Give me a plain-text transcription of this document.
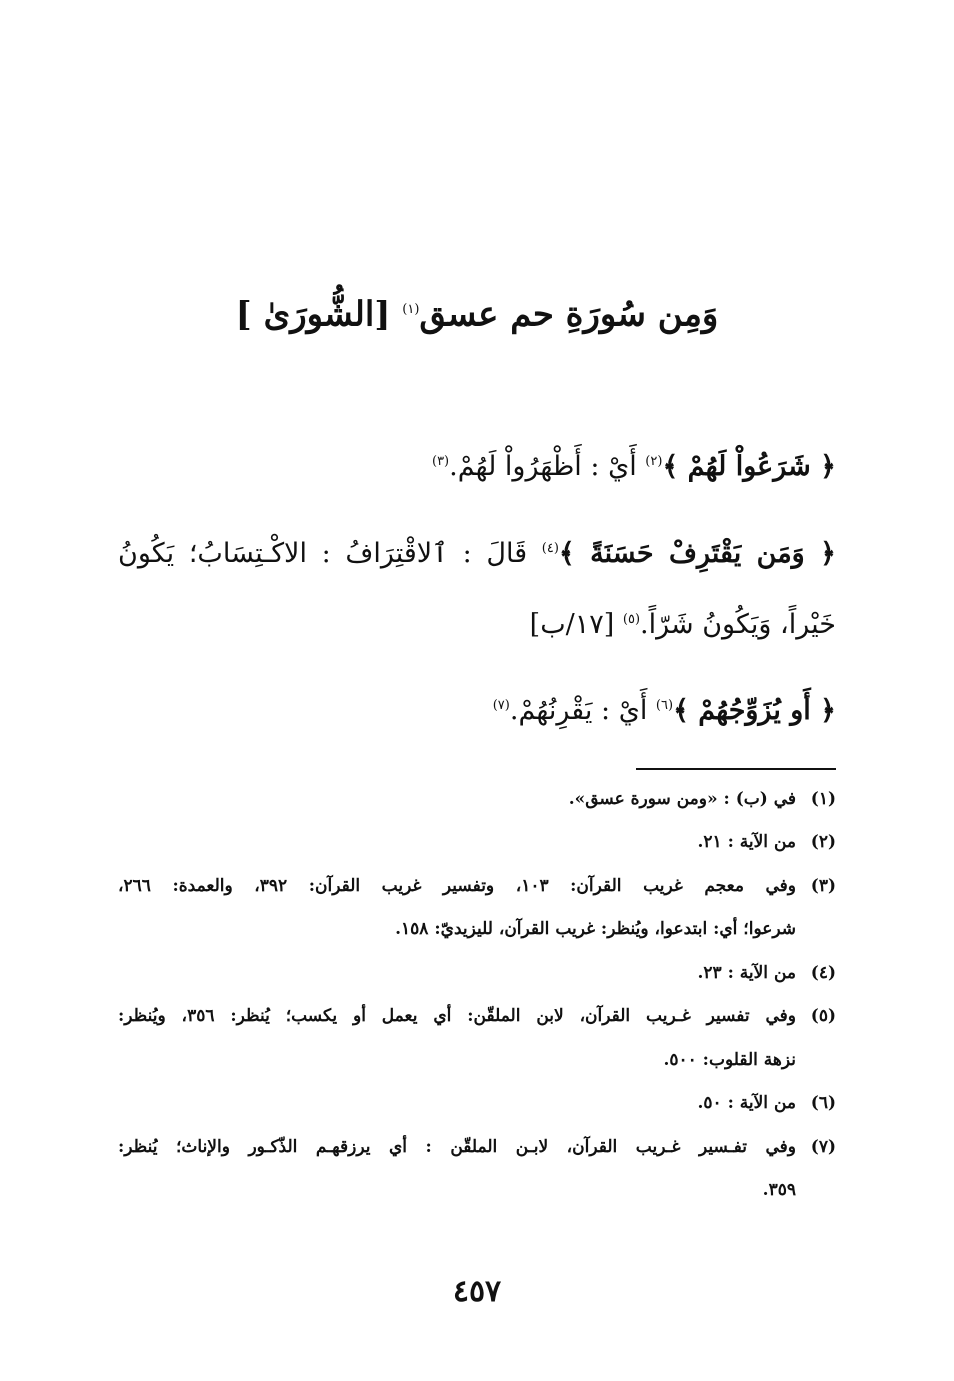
وَمِن سُورَةِ حم عسق$^{(١)}$ [الشُّورَىٰ ]
﴿ شَرَعُواْ لَهُمْ ﴾$^{(٢)}$ أَيْ : أَظْهَرُواْ لَهُمْ.$^{(٣)}$
﴿ وَمَن يَقْتَرِفْ حَسَنَةً ﴾$^{(٤)}$ قَالَ : ٱلاقْتِرَافُ : الاكْـتِسَابُ؛ يَكُونُ
خَيْراً، وَيَكُونُ شَرّاً.$^{(٥)}$ [١٧/ب]
﴿ أَو يُزَوِّجُهُمْ ﴾$^{(٦)}$ أَيْ : يَقْرِنُهُمْ.$^{(٧)}$
(١)في (ب) : «ومن سورة عسق».
(٢)من الآية : ٢١.
(٣)وفي معجم غريب القرآن: ١٠٣، وتفسير غريب القرآن: ٣٩٢، والعمدة: ٢٦٦،
شرعوا؛ أي: ابتدعوا، ويُنظر: غريب القرآن، لليزيديّ: ١٥٨.
(٤)من الآية : ٢٣.
(٥)وفي تفسير غـريب القرآن، لابن الملقّن: أي يعمل أو يكسب؛ يُنظر: ٣٥٦، ويُنظر:
نزهة القلوب: ٥٠٠.
(٦)من الآية : ٥٠.
(٧)وفي تفـسير غـريب القرآن، لابـن الملقّن : أي يرزقهـم الذّكـور والإناث؛ يُنظر:
٣٥٩.
٤٥٧
